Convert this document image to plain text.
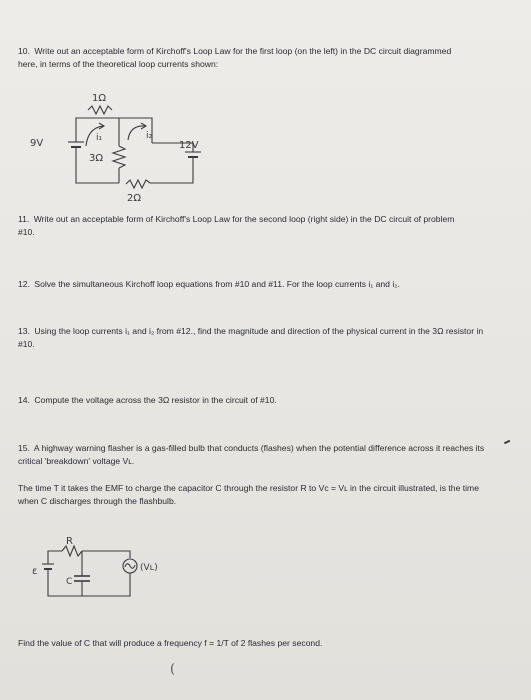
10. Write out an acceptable form of Kirchoff's Loop Law for the first loop (on the left) in the DC circuit diagrammed here, in terms of the theoretical loop currents shown:
1Ω
9V	12V
3Ω
2Ω
i₁	i₂
11. Write out an acceptable form of Kirchoff's Loop Law for the second loop (right side) in the DC circuit of problem #10.
12. Solve the simultaneous Kirchoff loop equations from #10 and #11. For the loop currents i₁ and i₂.
13. Using the loop currents i₁ and i₂ from #12., find the magnitude and direction of the physical current in the 3Ω resistor in #10.
14. Compute the voltage across the 3Ω resistor in the circuit of #10.
15. A highway warning flasher is a gas-filled bulb that conducts (flashes) when the potential difference across it reaches its critical 'breakdown' voltage Vʟ.
The time T it takes the EMF to charge the capacitor C through the resistor R to Vc = Vʟ in the circuit illustrated, is the time when C discharges through the flashbulb.
R
ε
C
(Vʟ)
Find the value of C that will produce a frequency f = 1/T of 2 flashes per second.
(
